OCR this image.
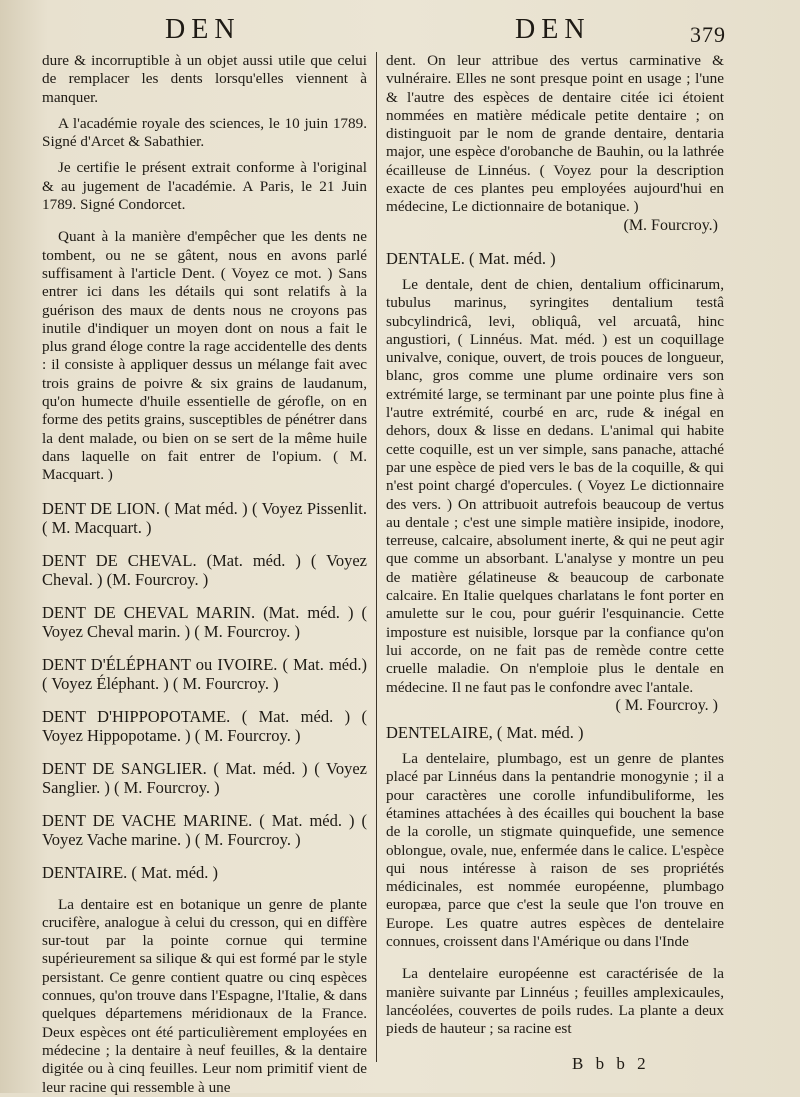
DEN	DEN	379

dure & incorruptible à un objet aussi utile que celui de remplacer les dents lorsqu'elles viennent à manquer.

A l'académie royale des sciences, le 10 juin 1789. Signé d'Arcet & Sabathier.

Je certifie le présent extrait conforme à l'original & au jugement de l'académie. A Paris, le 21 Juin 1789. Signé Condorcet.

Quant à la manière d'empêcher que les dents ne tombent, ou ne se gâtent, nous en avons parlé suffisament à l'article Dent. ( Voyez ce mot. ) Sans entrer ici dans les détails qui sont relatifs à la guérison des maux de dents nous ne croyons pas inutile d'indiquer un moyen dont on nous a fait le plus grand éloge contre la rage accidentelle des dents : il consiste à appliquer dessus un mélange fait avec trois grains de poivre & six grains de laudanum, qu'on humecte d'huile essentielle de gérofle, on en forme des petits grains, susceptibles de pénétrer dans la dent malade, ou bien on se sert de la même huile dans laquelle on fait entrer de l'opium. ( M. Macquart. )

DENT DE LION. ( Mat méd. ) ( Voyez Pissenlit. ( M. Macquart. )

DENT DE CHEVAL. (Mat. méd. ) ( Voyez Cheval. ) (M. Fourcroy. )

DENT DE CHEVAL MARIN. (Mat. méd. ) ( Voyez Cheval marin. ) ( M. Fourcroy. )

DENT D'ÉLÉPHANT ou IVOIRE. ( Mat. méd.) ( Voyez Éléphant. ) ( M. Fourcroy. )

DENT D'HIPPOPOTAME. ( Mat. méd. ) ( Voyez Hippopotame. ) ( M. Fourcroy. )

DENT DE SANGLIER. ( Mat. méd. ) ( Voyez Sanglier. ) ( M. Fourcroy. )

DENT DE VACHE MARINE. ( Mat. méd. ) ( Voyez Vache marine. ) ( M. Fourcroy. )

DENTAIRE. ( Mat. méd. )

La dentaire est en botanique un genre de plante crucifère, analogue à celui du cresson, qui en diffère sur-tout par la pointe cornue qui termine supérieurement sa silique & qui est formé par le style persistant. Ce genre contient quatre ou cinq espèces connues, qu'on trouve dans l'Espagne, l'Italie, & dans quelques départemens méridionaux de la France. Deux espèces ont été particulièrement employées en médecine ; la dentaire à neuf feuilles, & la dentaire digitée ou à cinq feuilles. Leur nom primitif vient de leur racine qui ressemble à une

dent. On leur attribue des vertus carminative & vulnéraire. Elles ne sont presque point en usage ; l'une & l'autre des espèces de dentaire citée ici étoient nommées en matière médicale petite dentaire ; on distinguoit par le nom de grande dentaire, dentaria major, une espèce d'orobanche de Bauhin, ou la lathrée écailleuse de Linnéus. ( Voyez pour la description exacte de ces plantes peu employées aujourd'hui en médecine, Le dictionnaire de botanique. )

(M. Fourcroy.)

DENTALE. ( Mat. méd. )

Le dentale, dent de chien, dentalium officinarum, tubulus marinus, syringites dentalium testâ subcylindricâ, levi, obliquâ, vel arcuatâ, hinc angustiori, ( Linnéus. Mat. méd. ) est un coquillage univalve, conique, ouvert, de trois pouces de longueur, blanc, gros comme une plume ordinaire vers son extrémité large, se terminant par une pointe plus fine à l'autre extrémité, courbé en arc, rude & inégal en dehors, doux & lisse en dedans. L'animal qui habite cette coquille, est un ver simple, sans panache, attaché par une espèce de pied vers le bas de la coquille, & qui n'est point chargé d'opercules. ( Voyez Le dictionnaire des vers. ) On attribuoit autrefois beaucoup de vertus au dentale ; c'est une simple matière insipide, inodore, terreuse, calcaire, absolument inerte, & qui ne peut agir que comme un absorbant. L'analyse y montre un peu de matière gélatineuse & beaucoup de carbonate calcaire. En Italie quelques charlatans le font porter en amulette sur le cou, pour guérir l'esquinancie. Cette imposture est nuisible, lorsque par la confiance qu'on lui accorde, on ne fait pas de remède contre cette cruelle maladie. On n'emploie plus le dentale en médecine. Il ne faut pas le confondre avec l'antale.

( M. Fourcroy. )

DENTELAIRE, ( Mat. méd. )

La dentelaire, plumbago, est un genre de plantes placé par Linnéus dans la pentandrie monogynie ; il a pour caractères une corolle infundibuliforme, les étamines attachées à des écailles qui bouchent la base de la corolle, un stigmate quinquefide, une semence oblongue, ovale, nue, enfermée dans le calice. L'espèce qui nous intéresse à raison de ses propriétés médicinales, est nommée européenne, plumbago europæa, parce que c'est la seule que l'on trouve en Europe. Les quatre autres espèces de dentelaire connues, croissent dans l'Amérique ou dans l'Inde

La dentelaire européenne est caractérisée de la manière suivante par Linnéus ; feuilles amplexicaules, lancéolées, couvertes de poils rudes. La plante a deux pieds de hauteur ; sa racine est

B b b 2
